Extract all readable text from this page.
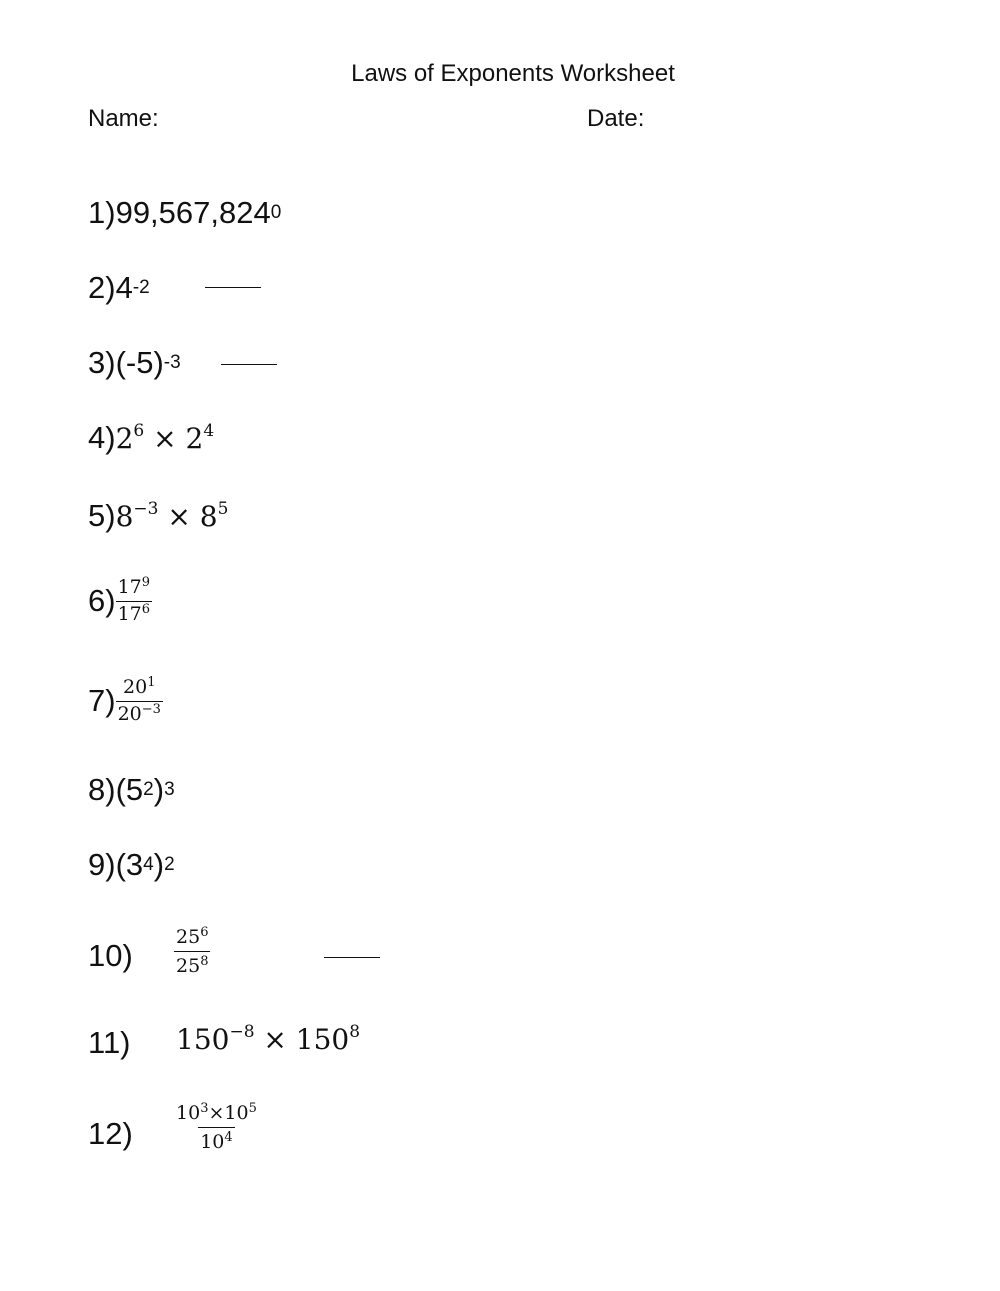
Laws of Exponents Worksheet
Name:	Date:
1) 99,567,824 0
2) 4 -2
3) (-5) -3
4) $2^6 \times 2^4$
5) $8^{-3} \times 8^5$
$6) \frac{17^9}{17^6}$
$7) \frac{20^1}{20^{-3}}$
8) (5 2 ) 3
9) (3 4 ) 2
$10) \frac{25^6}{25^8}$
11) $150^{-8} \times 150^8$
$12) \frac{10^3\times 10^5}{10^4}$
